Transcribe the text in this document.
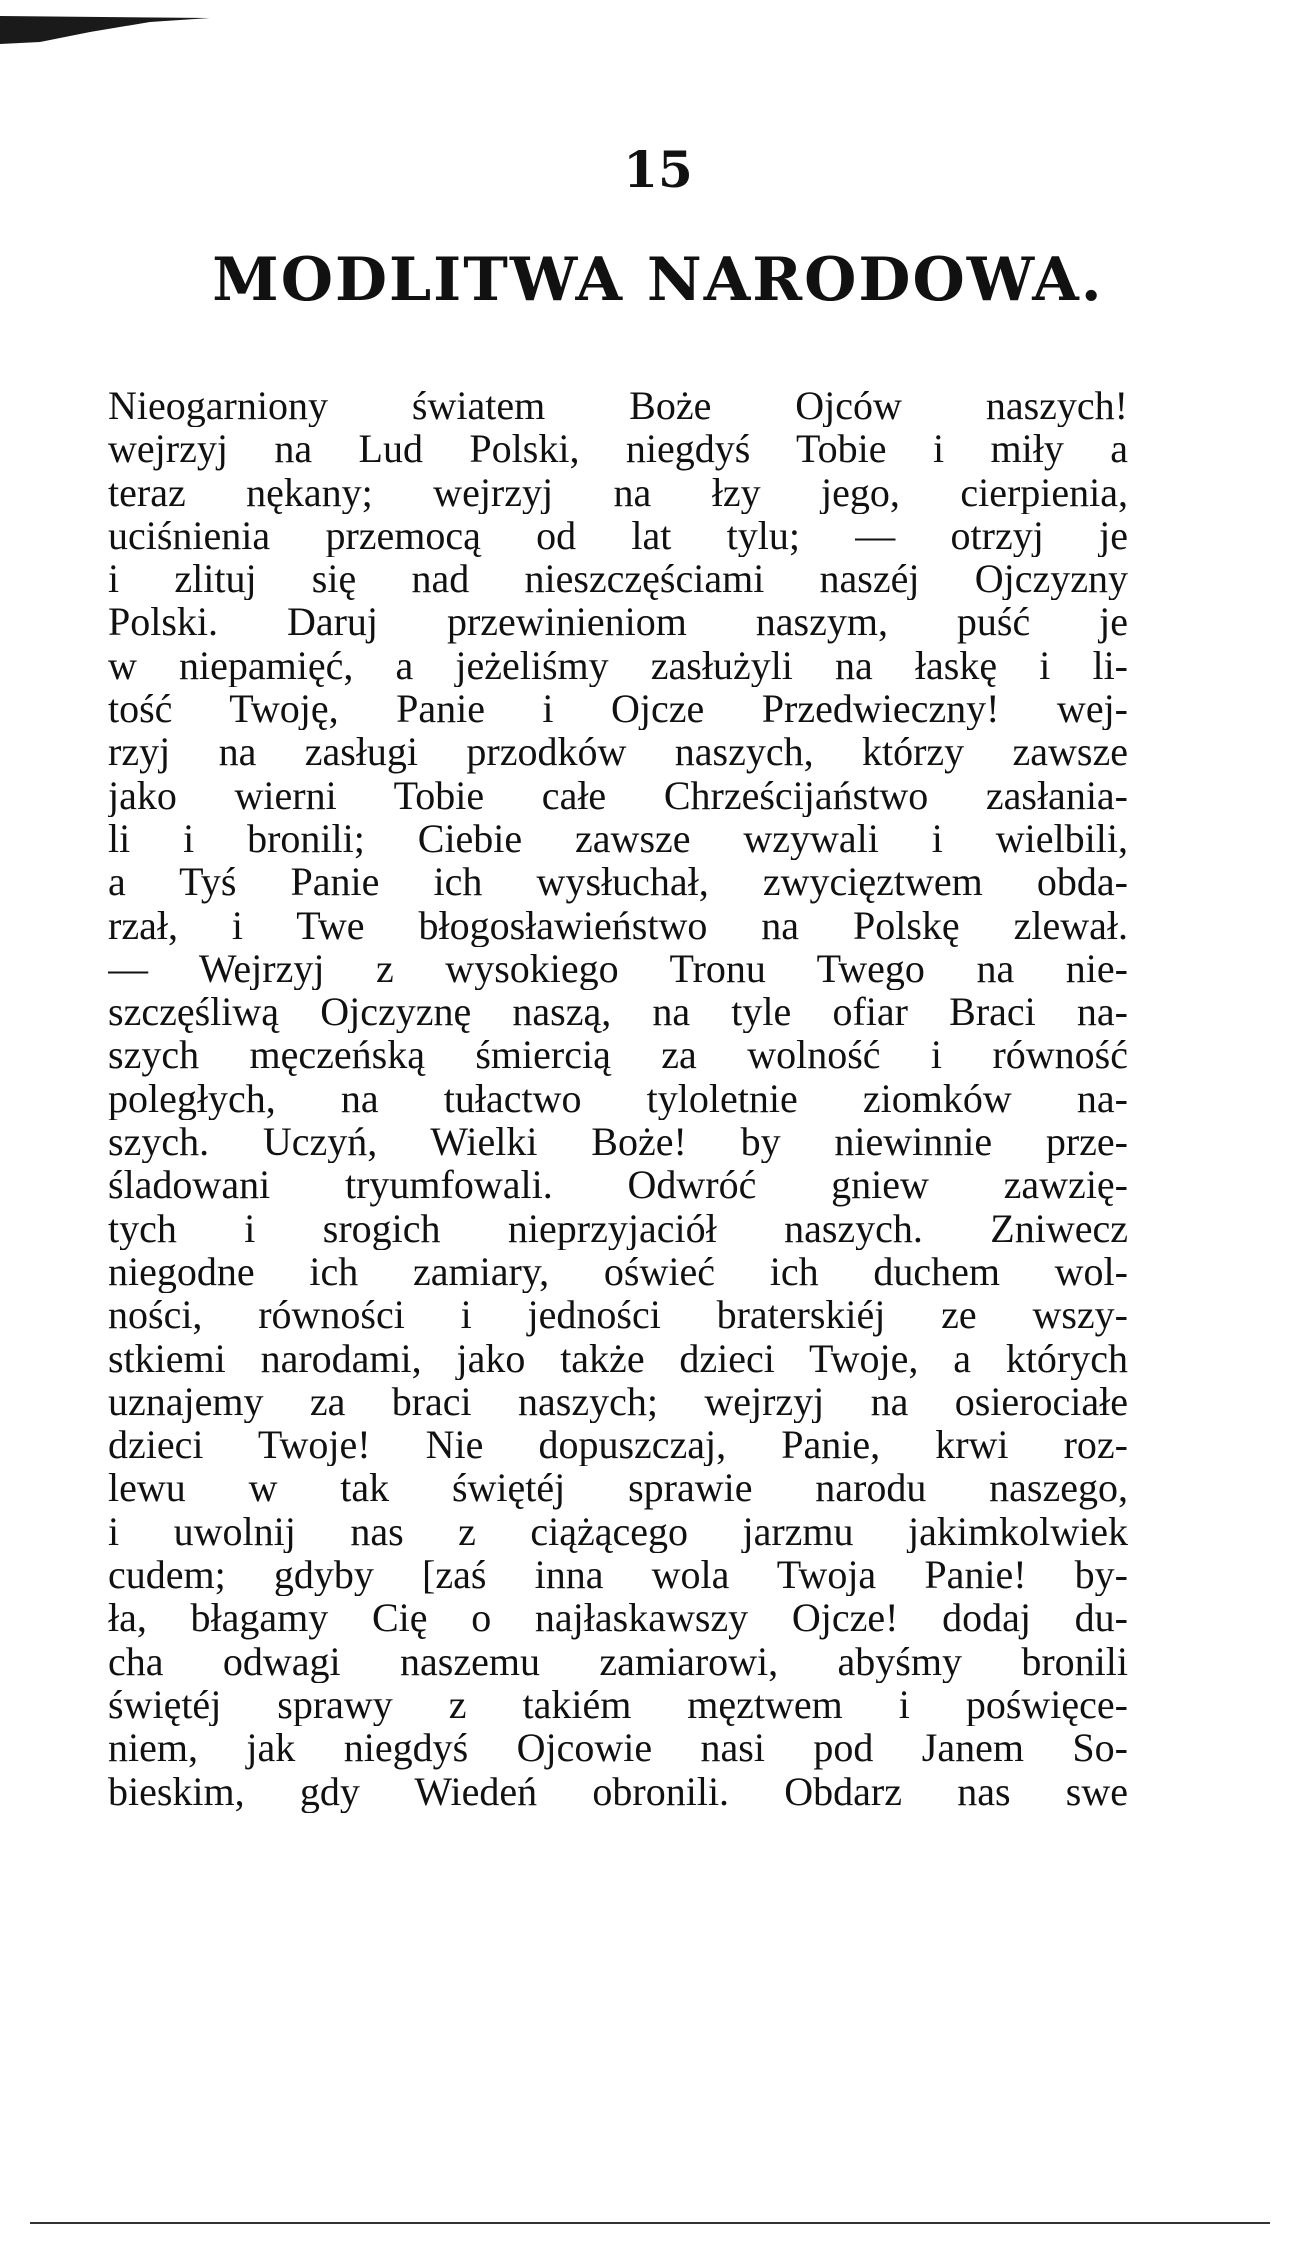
15
MODLITWA NARODOWA.
Nieogarniony światem Boże Ojców naszych!
wejrzyj na Lud Polski, niegdyś Tobie i miły a
teraz nękany; wejrzyj na łzy jego, cierpienia,
uciśnienia przemocą od lat tylu; — otrzyj je
i zlituj się nad nieszczęściami naszéj Ojczyzny
Polski. Daruj przewinieniom naszym, puść je
w niepamięć, a jeżeliśmy zasłużyli na łaskę i li-
tość Twoję, Panie i Ojcze Przedwieczny! wej-
rzyj na zasługi przodków naszych, którzy zawsze
jako wierni Tobie całe Chrześcijaństwo zasłania-
li i bronili; Ciebie zawsze wzywali i wielbili,
a Tyś Panie ich wysłuchał, zwycięztwem obda-
rzał, i Twe błogosławieństwo na Polskę zlewał.
— Wejrzyj z wysokiego Tronu Twego na nie-
szczęśliwą Ojczyznę naszą, na tyle ofiar Braci na-
szych męczeńską śmiercią za wolność i równość
poległych, na tułactwo tyloletnie ziomków na-
szych. Uczyń, Wielki Boże! by niewinnie prze-
śladowani tryumfowali. Odwróć gniew zawzię-
tych i srogich nieprzyjaciół naszych. Zniwecz
niegodne ich zamiary, oświeć ich duchem wol-
ności, równości i jedności braterskiéj ze wszy-
stkiemi narodami, jako także dzieci Twoje, a których
uznajemy za braci naszych; wejrzyj na osierociałe
dzieci Twoje! Nie dopuszczaj, Panie, krwi roz-
lewu w tak świętéj sprawie narodu naszego,
i uwolnij nas z ciążącego jarzmu jakimkolwiek
cudem; gdyby [zaś inna wola Twoja Panie! by-
ła, błagamy Cię o najłaskawszy Ojcze! dodaj du-
cha odwagi naszemu zamiarowi, abyśmy bronili
świętéj sprawy z takiém męztwem i poświęce-
niem, jak niegdyś Ojcowie nasi pod Janem So-
bieskim, gdy Wiedeń obronili. Obdarz nas swe
